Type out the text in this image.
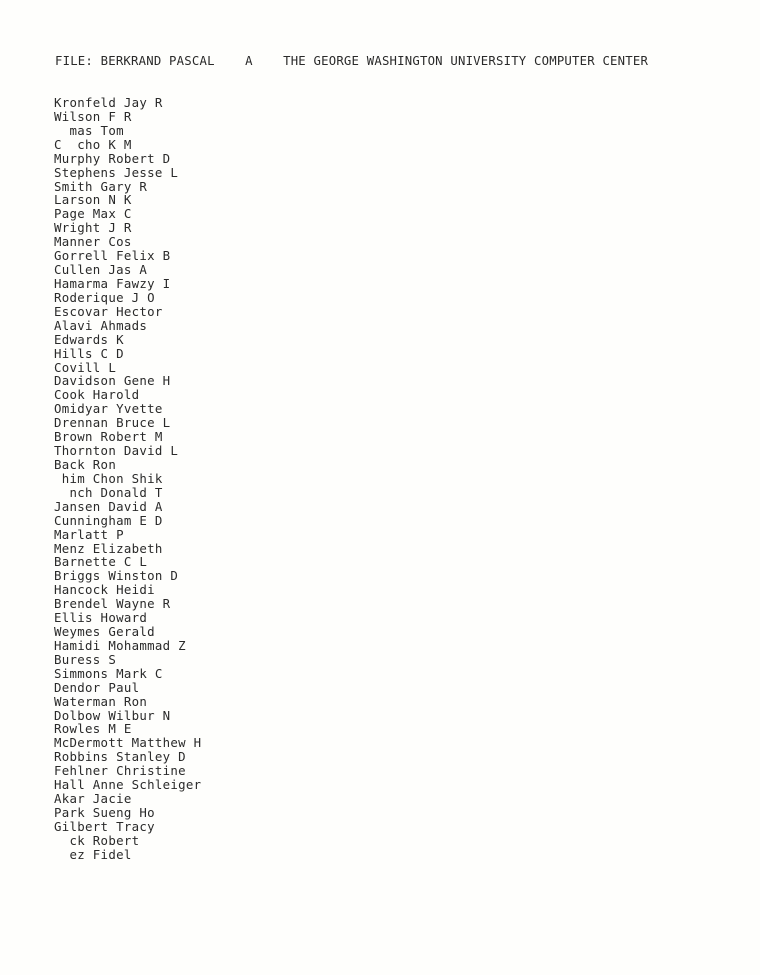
FILE: BERKRAND PASCAL    A    THE GEORGE WASHINGTON UNIVERSITY COMPUTER CENTER
Kronfeld Jay R
Wilson F R
mas Tom
C  cho K M
Murphy Robert D
Stephens Jesse L
Smith Gary R
Larson N K
Page Max C
Wright J R
Manner Cos
Gorrell Felix B
Cullen Jas A
Hamarma Fawzy I
Roderique J O
Escovar Hector
Alavi Ahmads
Edwards K
Hills C D
Covill L
Davidson Gene H
Cook Harold
Omidyar Yvette
Drennan Bruce L
Brown Robert M
Thornton David L
Back Ron
him Chon Shik
nch Donald T
Jansen David A
Cunningham E D
Marlatt P
Menz Elizabeth
Barnette C L
Briggs Winston D
Hancock Heidi
Brendel Wayne R
Ellis Howard
Weymes Gerald
Hamidi Mohammad Z
Buress S
Simmons Mark C
Dendor Paul
Waterman Ron
Dolbow Wilbur N
Rowles M E
McDermott Matthew H
Robbins Stanley D
Fehlner Christine
Hall Anne Schleiger
Akar Jacie
Park Sueng Ho
Gilbert Tracy
ck Robert
ez Fidel
